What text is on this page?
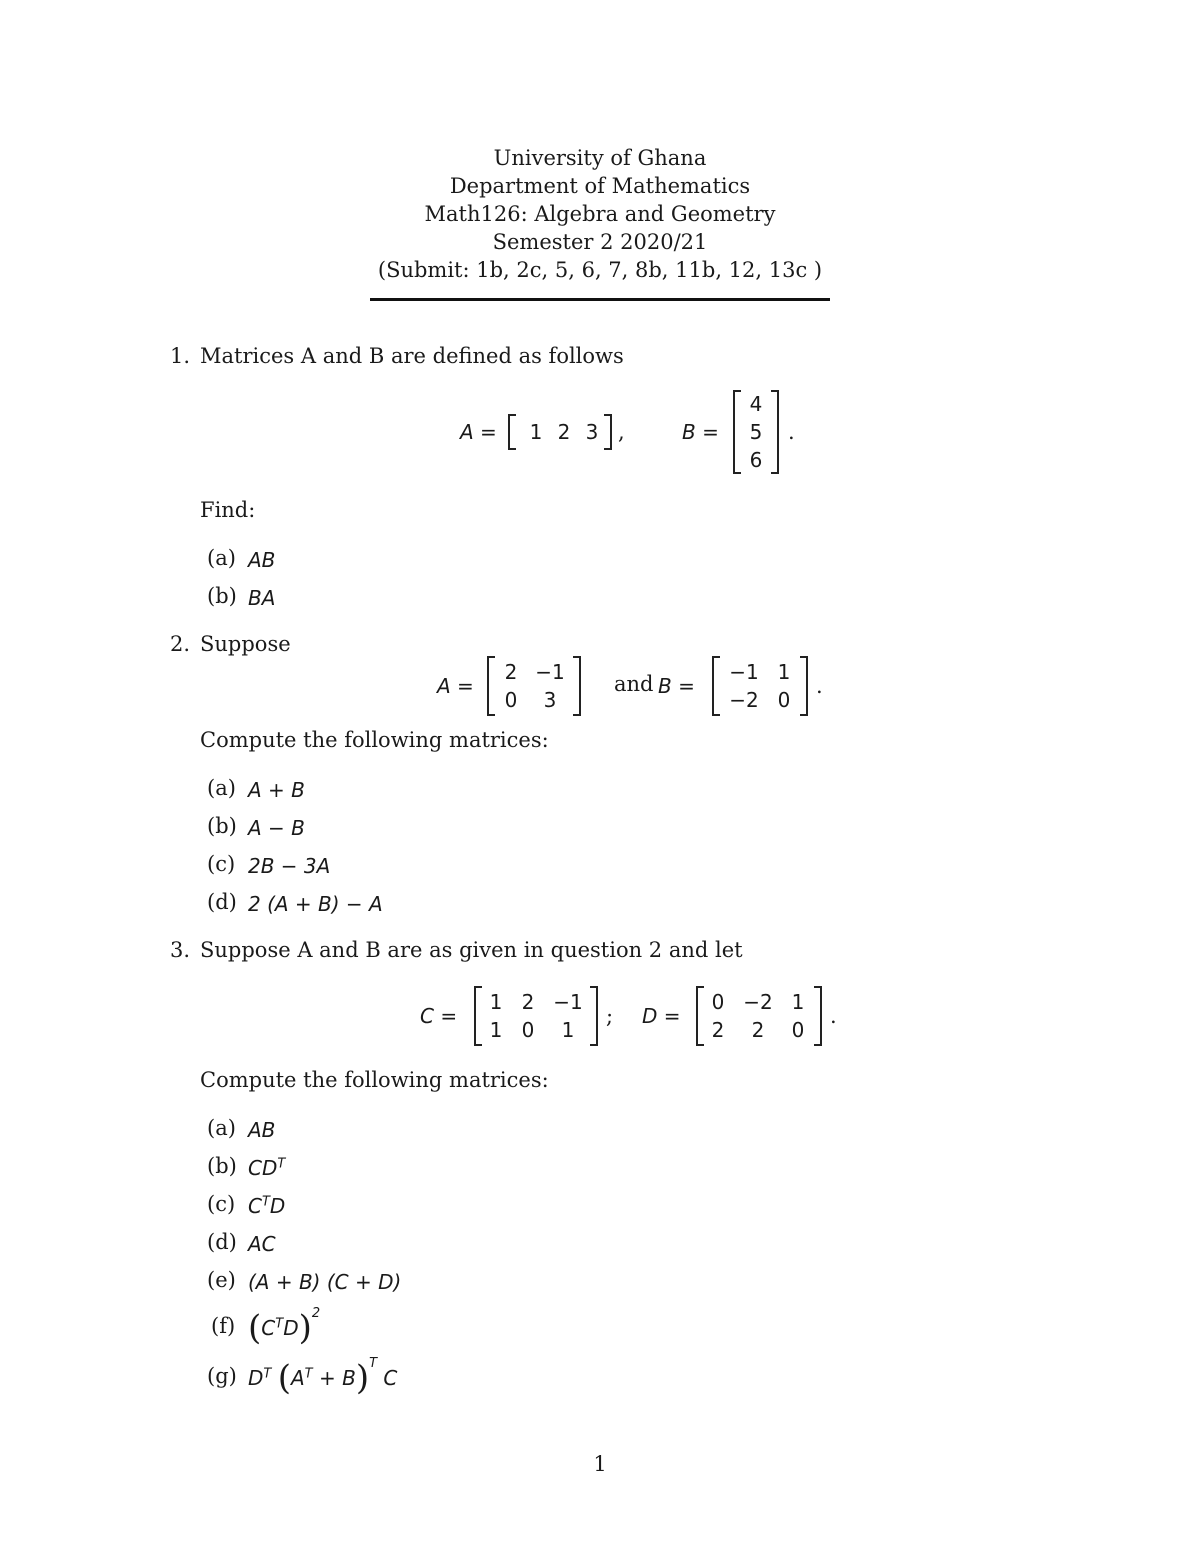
University of Ghana
Department of Mathematics
Math126: Algebra and Geometry
Semester 2 2020/21
(Submit: 1b, 2c, 5, 6, 7, 8b, 11b, 12, 13c )
1. Matrices A and B are defined as follows
A = 1 2 3 ,	B =
4
5
6
.
Find:
(a) AB
(b) BA
2. Suppose
A =
2 −1
0	3
and B =
−1 1
−2 0
.
Compute the following matrices:
(a) A + B
(b) A − B
(c) 2B − 3A
(d) 2 (A + B) − A
3. Suppose A and B are as given in question 2 and let
C =
1 2 −1
1 0	1
; D =
0 −2 1
2	2	0
.
Compute the following matrices:
(a) AB
(b) $CD^T$
(c) $C^TD$
(d) AC
(e) (A + B) (C + D)
(f) $(C^TD)^2$
(g) $D^T$ $(A^T + B)^T$ C
1
